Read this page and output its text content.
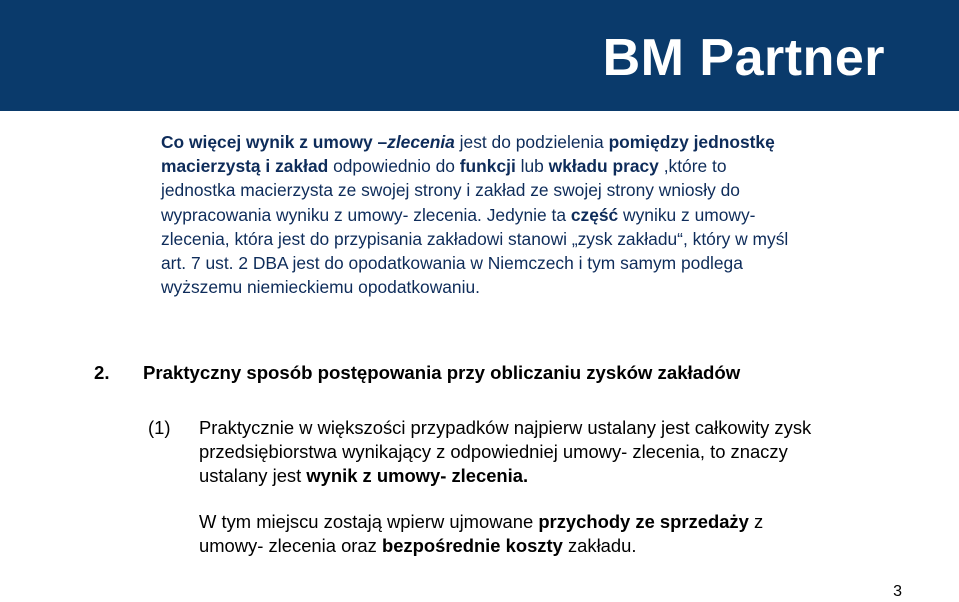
BM Partner
Co więcej wynik z umowy –zlecenia jest do podzielenia pomiędzy jednostkę macierzystą i zakład odpowiednio do funkcji lub wkładu pracy ,które to jednostka macierzysta ze swojej strony i zakład ze swojej strony wniosły do wypracowania wyniku z umowy- zlecenia. Jedynie ta część wyniku z umowy- zlecenia, która jest do przypisania zakładowi stanowi „zysk zakładu“, który w myśl art. 7 ust. 2 DBA jest do opodatkowania w Niemczech i tym samym podlega wyższemu niemieckiemu opodatkowaniu.
2. Praktyczny sposób postępowania przy obliczaniu zysków zakładów
(1) Praktycznie w większości przypadków najpierw ustalany jest całkowity zysk przedsiębiorstwa wynikający z odpowiedniej umowy- zlecenia, to znaczy ustalany jest wynik z umowy- zlecenia.

W tym miejscu zostają wpierw ujmowane przychody ze sprzedaży z umowy- zlecenia oraz bezpośrednie koszty zakładu.

3
